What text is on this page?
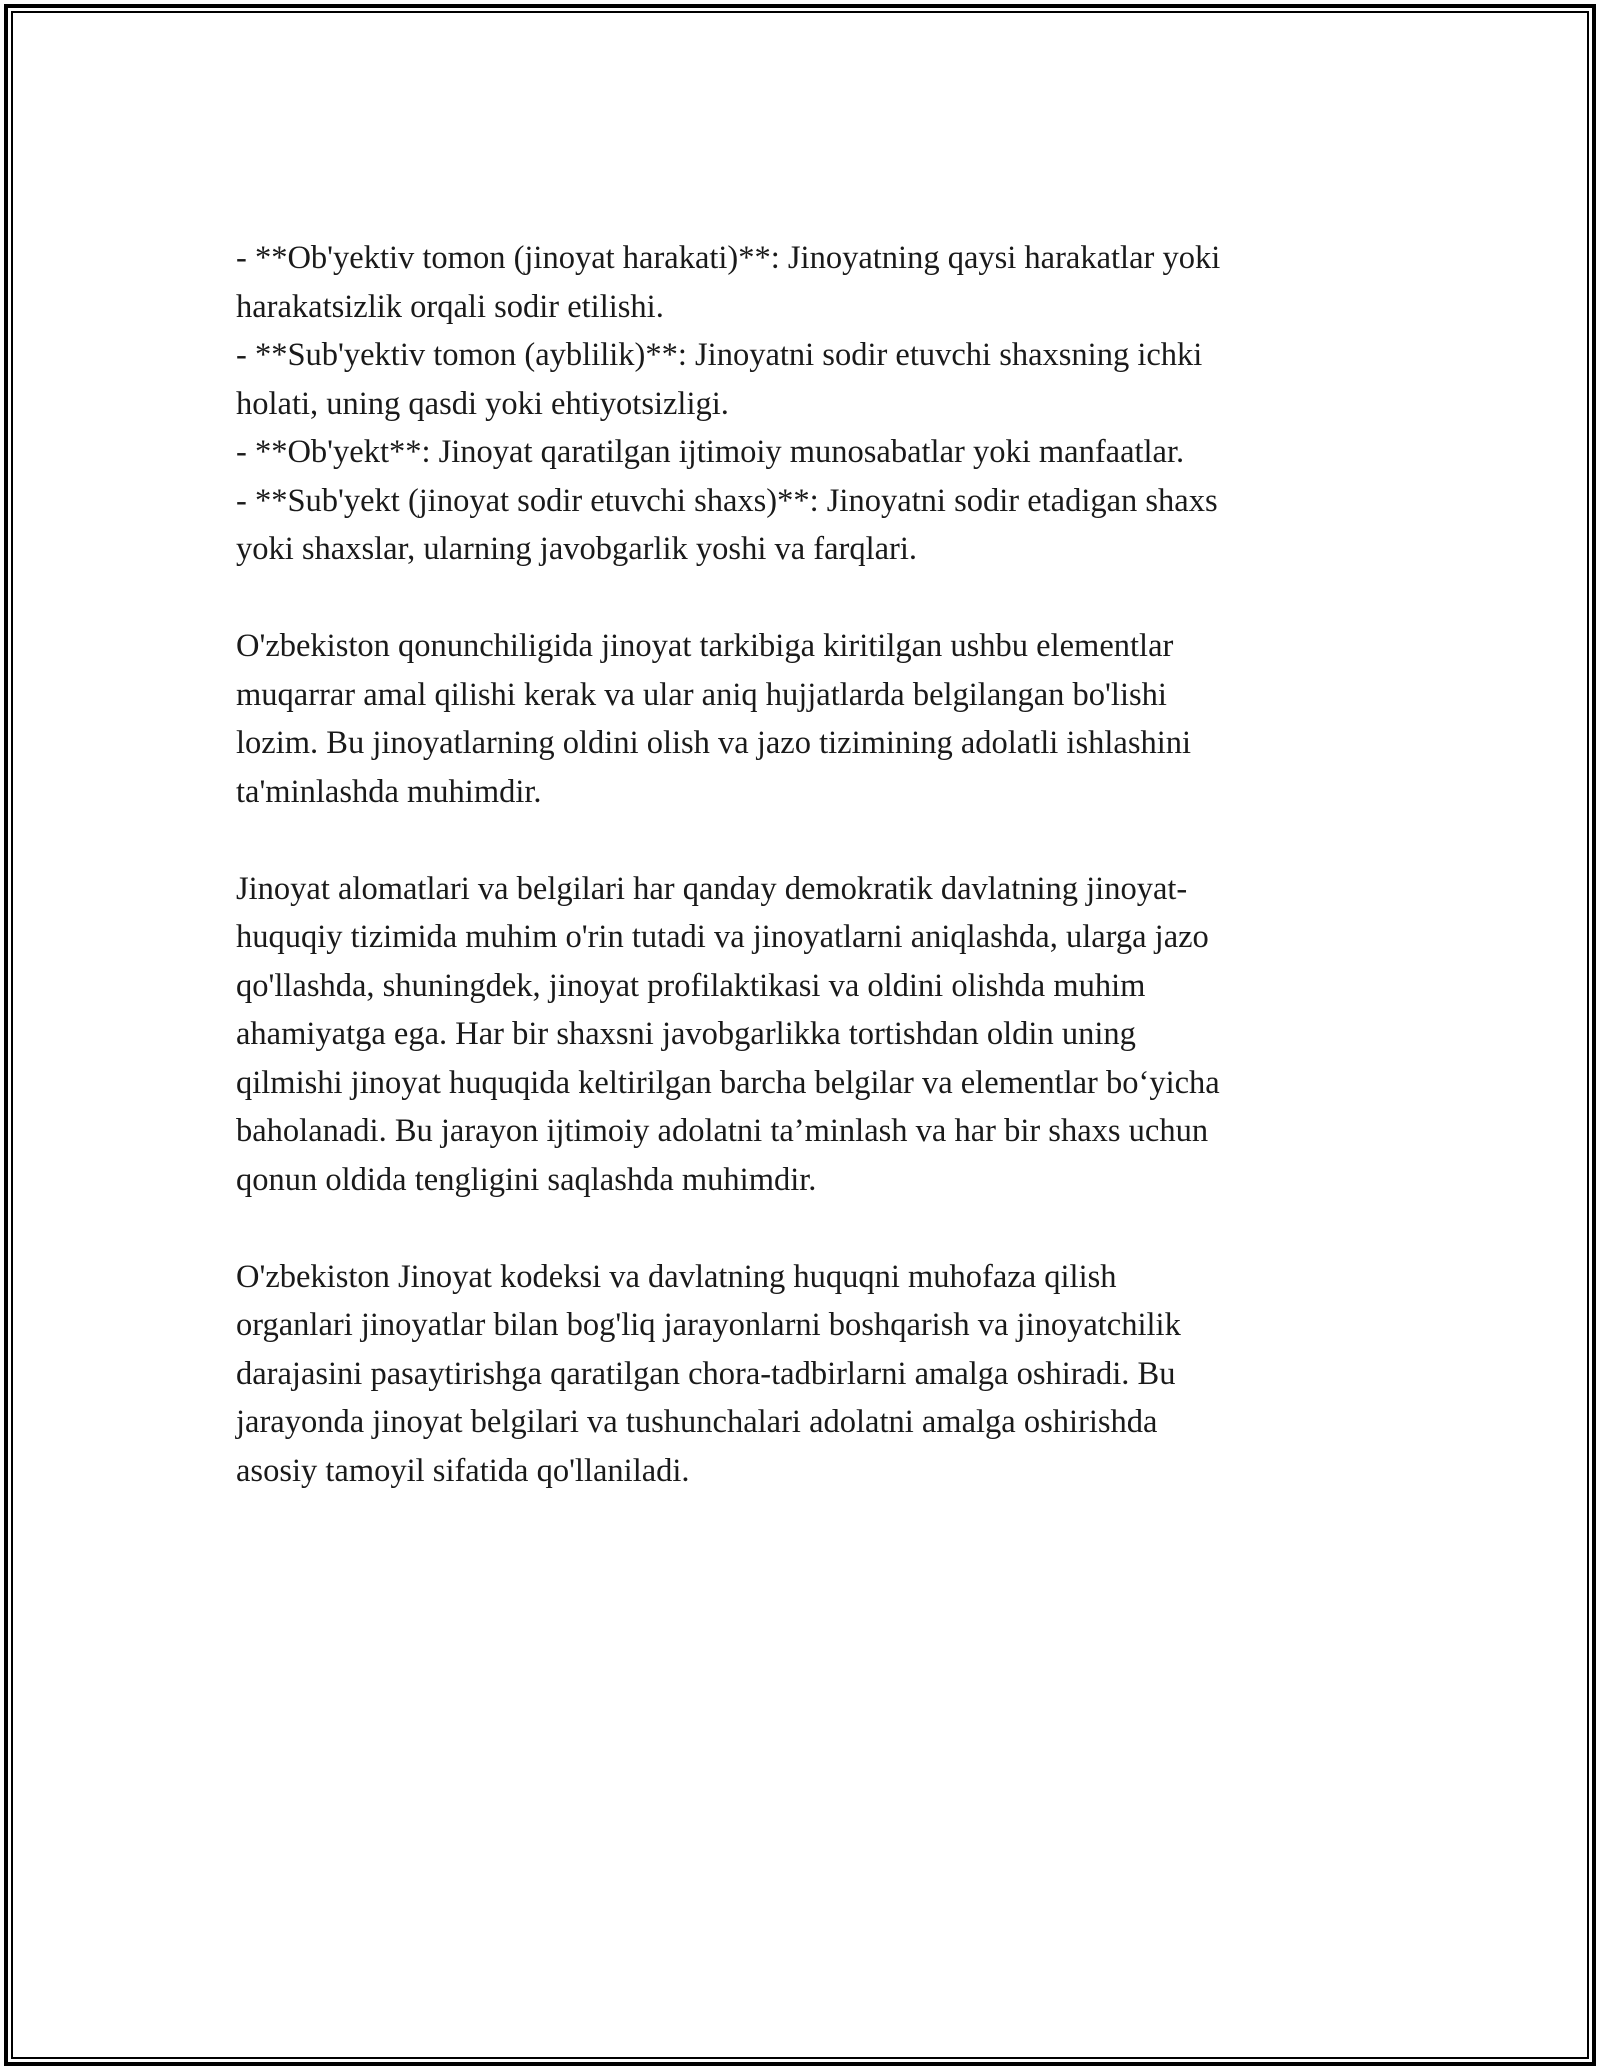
- **Ob'yektiv tomon (jinoyat harakati)**: Jinoyatning qaysi harakatlar yoki
harakatsizlik orqali sodir etilishi.
- **Sub'yektiv tomon (ayblilik)**: Jinoyatni sodir etuvchi shaxsning ichki
holati, uning qasdi yoki ehtiyotsizligi.
- **Ob'yekt**: Jinoyat qaratilgan ijtimoiy munosabatlar yoki manfaatlar.
- **Sub'yekt (jinoyat sodir etuvchi shaxs)**: Jinoyatni sodir etadigan shaxs
yoki shaxslar, ularning javobgarlik yoshi va farqlari.
O'zbekiston qonunchiligida jinoyat tarkibiga kiritilgan ushbu elementlar
muqarrar amal qilishi kerak va ular aniq hujjatlarda belgilangan bo'lishi
lozim. Bu jinoyatlarning oldini olish va jazo tizimining adolatli ishlashini
ta'minlashda muhimdir.
Jinoyat alomatlari va belgilari har qanday demokratik davlatning jinoyat-
huquqiy tizimida muhim o'rin tutadi va jinoyatlarni aniqlashda, ularga jazo
qo'llashda, shuningdek, jinoyat profilaktikasi va oldini olishda muhim
ahamiyatga ega. Har bir shaxsni javobgarlikka tortishdan oldin uning
qilmishi jinoyat huquqida keltirilgan barcha belgilar va elementlar bo‘yicha
baholanadi. Bu jarayon ijtimoiy adolatni ta’minlash va har bir shaxs uchun
qonun oldida tengligini saqlashda muhimdir.
O'zbekiston Jinoyat kodeksi va davlatning huquqni muhofaza qilish
organlari jinoyatlar bilan bog'liq jarayonlarni boshqarish va jinoyatchilik
darajasini pasaytirishga qaratilgan chora-tadbirlarni amalga oshiradi. Bu
jarayonda jinoyat belgilari va tushunchalari adolatni amalga oshirishda
asosiy tamoyil sifatida qo'llaniladi.
